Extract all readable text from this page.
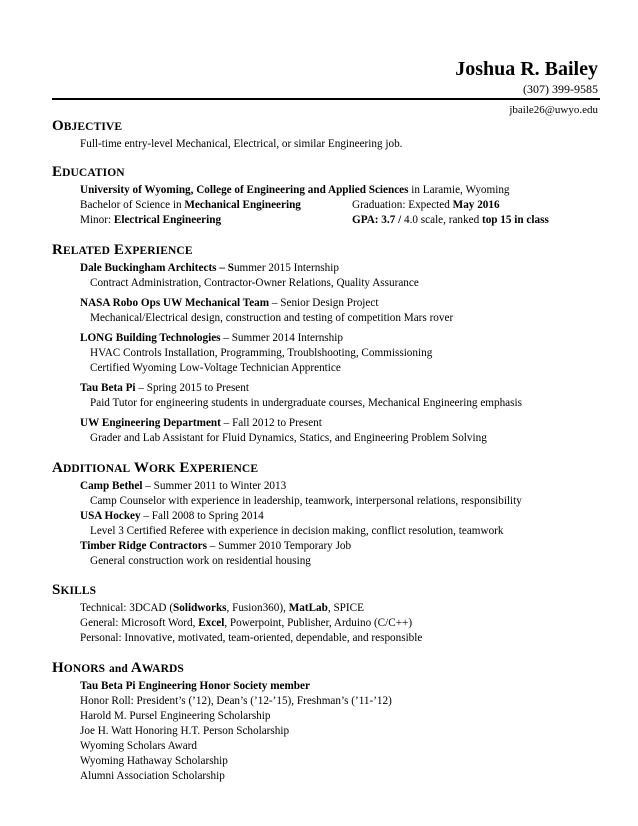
Joshua R. Bailey
(307) 399-9585
jbaile26@uwyo.edu
OBJECTIVE
Full-time entry-level Mechanical, Electrical, or similar Engineering job.
EDUCATION
University of Wyoming, College of Engineering and Applied Sciences in Laramie, Wyoming
Bachelor of Science in Mechanical Engineering	Graduation: Expected May 2016
Minor: Electrical Engineering	GPA: 3.7 / 4.0 scale, ranked top 15 in class
RELATED EXPERIENCE
Dale Buckingham Architects – Summer 2015 Internship
Contract Administration, Contractor-Owner Relations, Quality Assurance
NASA Robo Ops UW Mechanical Team – Senior Design Project
Mechanical/Electrical design, construction and testing of competition Mars rover
LONG Building Technologies – Summer 2014 Internship
HVAC Controls Installation, Programming, Troublshooting, Commissioning
Certified Wyoming Low-Voltage Technician Apprentice
Tau Beta Pi – Spring 2015 to Present
Paid Tutor for engineering students in undergraduate courses, Mechanical Engineering emphasis
UW Engineering Department – Fall 2012 to Present
Grader and Lab Assistant for Fluid Dynamics, Statics, and Engineering Problem Solving
ADDITIONAL WORK EXPERIENCE
Camp Bethel – Summer 2011 to Winter 2013
Camp Counselor with experience in leadership, teamwork, interpersonal relations, responsibility
USA Hockey – Fall 2008 to Spring 2014
Level 3 Certified Referee with experience in decision making, conflict resolution, teamwork
Timber Ridge Contractors – Summer 2010 Temporary Job
General construction work on residential housing
SKILLS
Technical: 3DCAD (Solidworks, Fusion360), MatLab, SPICE
General: Microsoft Word, Excel, Powerpoint, Publisher, Arduino (C/C++)
Personal: Innovative, motivated, team-oriented, dependable, and responsible
HONORS and AWARDS
Tau Beta Pi Engineering Honor Society member
Honor Roll: President’s (’12), Dean’s (’12-’15), Freshman’s (’11-’12)
Harold M. Pursel Engineering Scholarship
Joe H. Watt Honoring H.T. Person Scholarship
Wyoming Scholars Award
Wyoming Hathaway Scholarship
Alumni Association Scholarship
